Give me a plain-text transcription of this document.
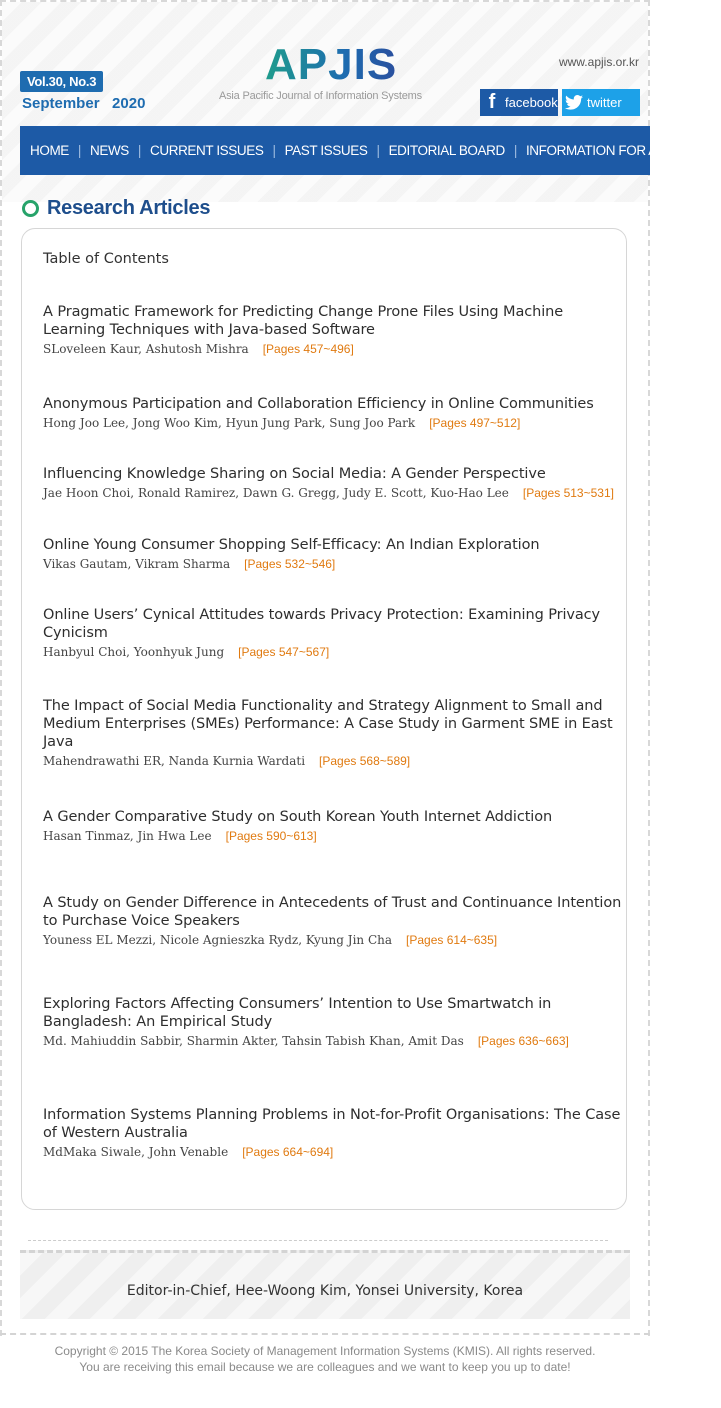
Vol.30, No.3
September 2020
APJIS
Asia Pacific Journal of Information Systems
www.apjis.or.kr
f facebook twitter
HOME | NEWS | CURRENT ISSUES | PAST ISSUES | EDITORIAL BOARD | INFORMATION FOR AUTHORS
Research Articles
Table of Contents
A Pragmatic Framework for Predicting Change Prone Files Using Machine Learning Techniques with Java-based Software
SLoveleen Kaur, Ashutosh Mishra [Pages 457~496]
Anonymous Participation and Collaboration Efficiency in Online Communities
Hong Joo Lee, Jong Woo Kim, Hyun Jung Park, Sung Joo Park [Pages 497~512]
Influencing Knowledge Sharing on Social Media: A Gender Perspective
Jae Hoon Choi, Ronald Ramirez, Dawn G. Gregg, Judy E. Scott, Kuo-Hao Lee [Pages 513~531]
Online Young Consumer Shopping Self-Efficacy: An Indian Exploration
Vikas Gautam, Vikram Sharma [Pages 532~546]
Online Users’ Cynical Attitudes towards Privacy Protection: Examining Privacy Cynicism
Hanbyul Choi, Yoonhyuk Jung [Pages 547~567]
The Impact of Social Media Functionality and Strategy Alignment to Small and Medium Enterprises (SMEs) Performance: A Case Study in Garment SME in East Java
Mahendrawathi ER, Nanda Kurnia Wardati [Pages 568~589]
A Gender Comparative Study on South Korean Youth Internet Addiction
Hasan Tinmaz, Jin Hwa Lee [Pages 590~613]
A Study on Gender Difference in Antecedents of Trust and Continuance Intention to Purchase Voice Speakers
Youness EL Mezzi, Nicole Agnieszka Rydz, Kyung Jin Cha [Pages 614~635]
Exploring Factors Affecting Consumers’ Intention to Use Smartwatch in Bangladesh: An Empirical Study
Md. Mahiuddin Sabbir, Sharmin Akter, Tahsin Tabish Khan, Amit Das [Pages 636~663]
Information Systems Planning Problems in Not-for-Profit Organisations: The Case of Western Australia
MdMaka Siwale, John Venable [Pages 664~694]
Editor-in-Chief, Hee-Woong Kim, Yonsei University, Korea
Copyright © 2015 The Korea Society of Management Information Systems (KMIS). All rights reserved.
You are receiving this email because we are colleagues and we want to keep you up to date!
